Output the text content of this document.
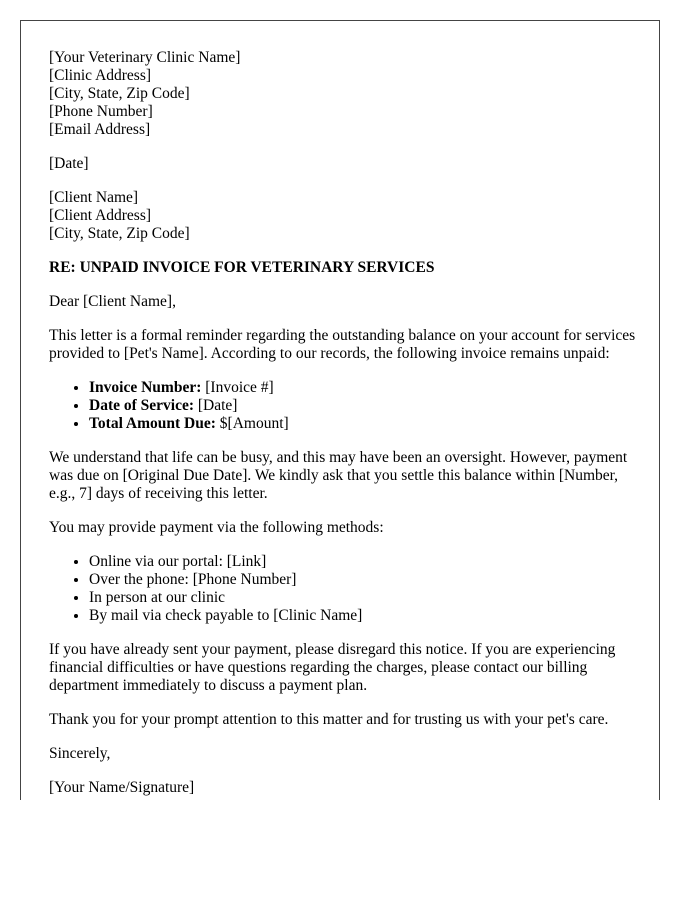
[Your Veterinary Clinic Name]
[Clinic Address]
[City, State, Zip Code]
[Phone Number]
[Email Address]
[Date]
[Client Name]
[Client Address]
[City, State, Zip Code]
RE: UNPAID INVOICE FOR VETERINARY SERVICES

Dear [Client Name],

This letter is a formal reminder regarding the outstanding balance on your account for services provided to [Pet's Name]. According to our records, the following invoice remains unpaid:

• Invoice Number: [Invoice #]
• Date of Service: [Date]
• Total Amount Due: $[Amount]

We understand that life can be busy, and this may have been an oversight. However, payment was due on [Original Due Date]. We kindly ask that you settle this balance within [Number, e.g., 7] days of receiving this letter.

You may provide payment via the following methods:

• Online via our portal: [Link]
• Over the phone: [Phone Number]
• In person at our clinic
• By mail via check payable to [Clinic Name]

If you have already sent your payment, please disregard this notice. If you are experiencing financial difficulties or have questions regarding the charges, please contact our billing department immediately to discuss a payment plan.

Thank you for your prompt attention to this matter and for trusting us with your pet's care.

Sincerely,

[Your Name/Signature]
